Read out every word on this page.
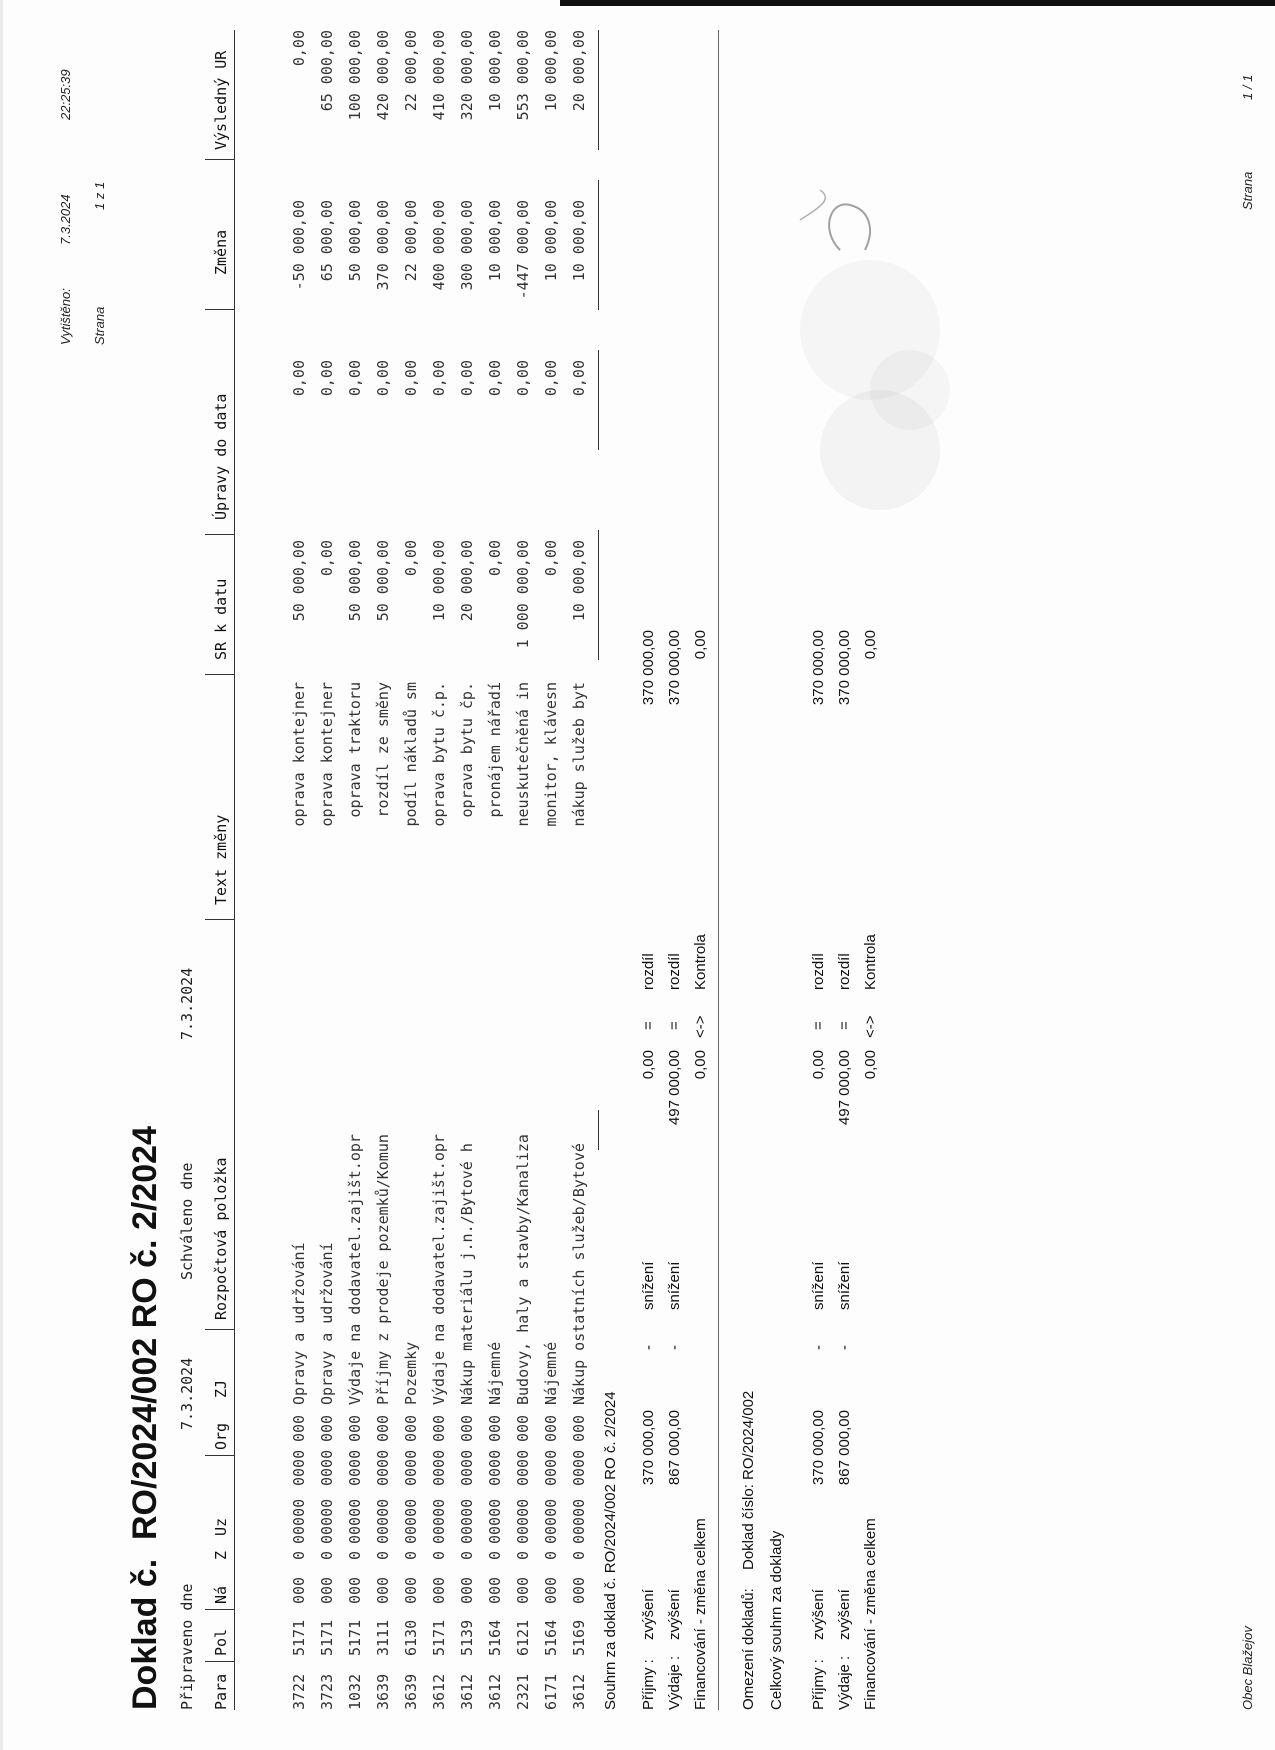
Vytištěno:
7.3.2024
22:25:39
Strana
1 z 1
Doklad č.
RO/2024/002 RO č. 2/2024
Připraveno dne
7.3.2024
Schváleno dne
7.3.2024
Para
Pol
Ná
Z
Uz
Org
ZJ
Rozpočtová položka
Text změny
SR k datu
Úpravy do data
Změna
Výsledný UR
3722
5171
000
0
00000
0000
000
Opravy a udržování
oprava kontejner
50 000,00
0,00
-50 000,00
0,00
3723
5171
000
0
00000
0000
000
Opravy a udržování
oprava kontejner
0,00
0,00
65 000,00
65 000,00
1032
5171
000
0
00000
0000
000
Výdaje na dodavatel.zajišt.opr
oprava traktoru
50 000,00
0,00
50 000,00
100 000,00
3639
3111
000
0
00000
0000
000
Příjmy z prodeje pozemků/Komun
rozdíl ze směny
50 000,00
0,00
370 000,00
420 000,00
3639
6130
000
0
00000
0000
000
Pozemky
podíl nákladů sm
0,00
0,00
22 000,00
22 000,00
3612
5171
000
0
00000
0000
000
Výdaje na dodavatel.zajišt.opr
oprava bytu č.p.
10 000,00
0,00
400 000,00
410 000,00
3612
5139
000
0
00000
0000
000
Nákup materiálu j.n./Bytové h
oprava bytu čp.
20 000,00
0,00
300 000,00
320 000,00
3612
5164
000
0
00000
0000
000
Nájemné
pronájem nářadí
0,00
0,00
10 000,00
10 000,00
2321
6121
000
0
00000
0000
000
Budovy, haly a stavby/Kanaliza
neuskutečněná in
1 000 000,00
0,00
-447 000,00
553 000,00
6171
5164
000
0
00000
0000
000
Nájemné
monitor, klávesn
0,00
0,00
10 000,00
10 000,00
3612
5169
000
0
00000
0000
000
Nákup ostatních služeb/Bytové
nákup služeb byt
10 000,00
0,00
10 000,00
20 000,00
Souhrn za doklad č. RO/2024/002 RO č. 2/2024 Příjmy :
zvýšení
370 000,00
-
snížení
0,00
=
rozdíl
370 000,00
Výdaje :
zvýšení
867 000,00
-
snížení
497 000,00
=
rozdíl
370 000,00
Financování - změna celkem
0,00
<->
Kontrola
0,00
Omezení dokladů:
Doklad číslo: RO/2024/002
Celkový souhrn za doklady Příjmy :
zvýšení
370 000,00
-
snížení
0,00
=
rozdíl
370 000,00
Výdaje :
zvýšení
867 000,00
-
snížení
497 000,00
=
rozdíl
370 000,00
Financování - změna celkem
0,00
<->
Kontrola
0,00
Obec Blažejov
Strana
1 / 1
